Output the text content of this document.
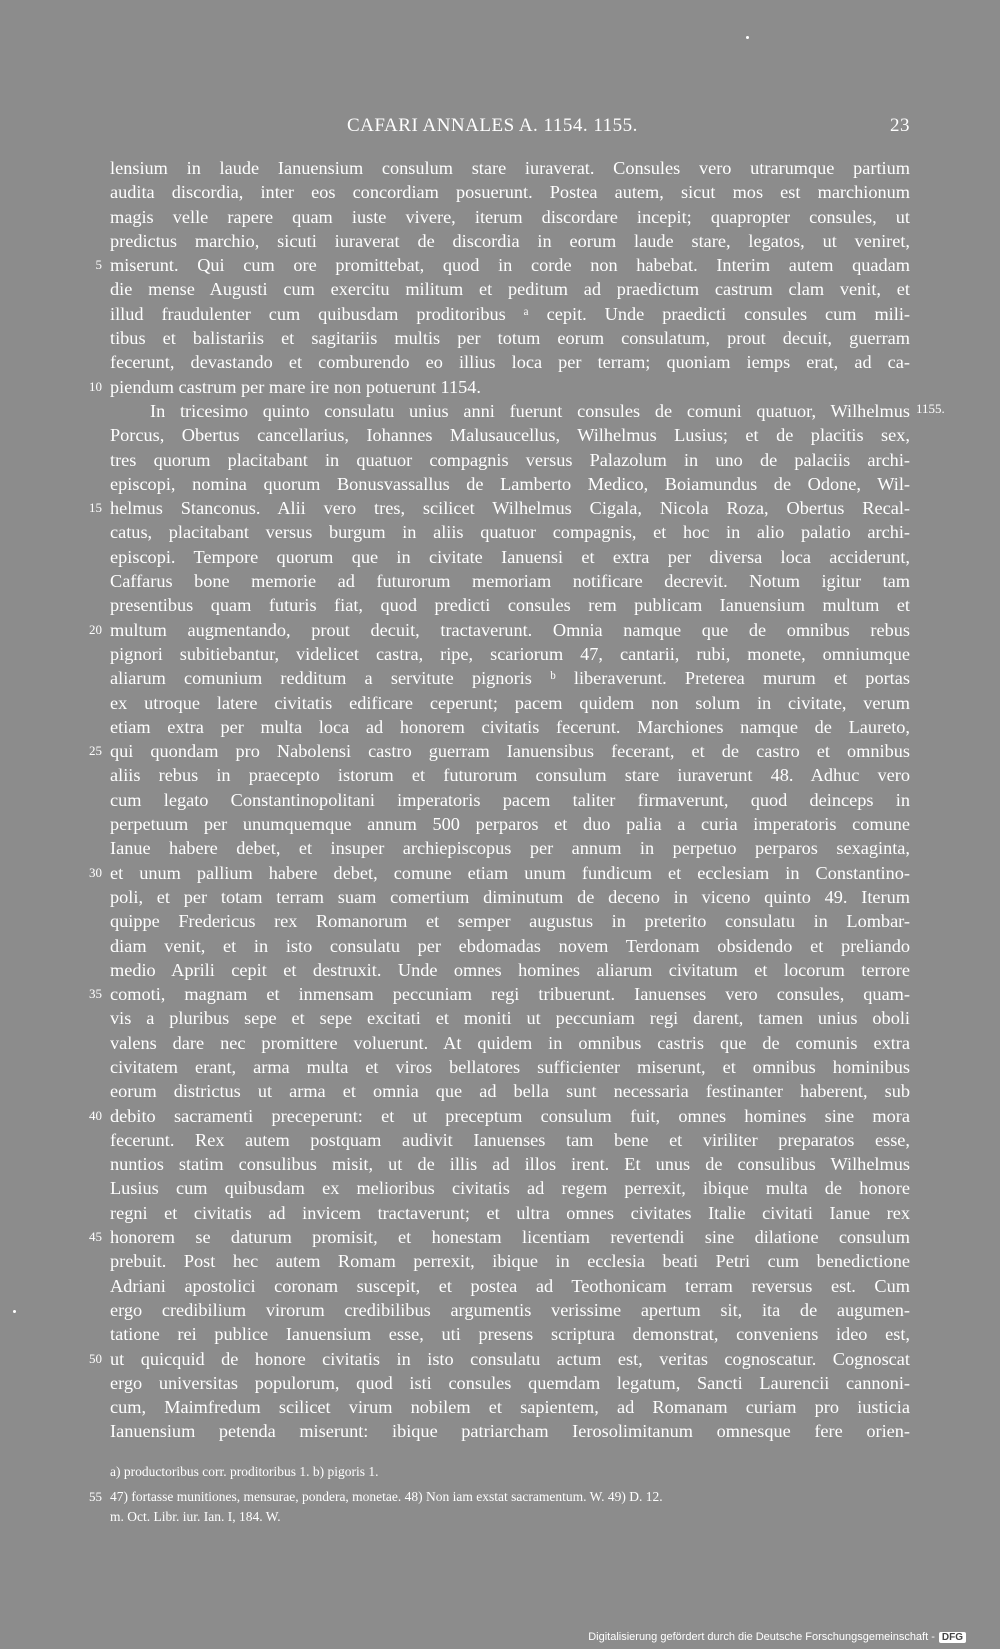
CAFARI ANNALES A. 1154. 1155.	23
lensium in laude Ianuensium consulum stare iuraverat. Consules vero utrarumque partium
audita discordia, inter eos concordiam posuerunt. Postea autem, sicut mos est marchionum
magis velle rapere quam iuste vivere, iterum discordare incepit; quapropter consules, ut
predictus marchio, sicuti iuraverat de discordia in eorum laude stare, legatos, ut veniret,
miserunt. Qui cum ore promittebat, quod in corde non habebat. Interim autem quadam
5
die mense Augusti cum exercitu militum et peditum ad praedictum castrum clam venit, et
illud fraudulenter cum quibusdam proditoribus ᵃ cepit. Unde praedicti consules cum mili-
tibus et balistariis et sagitariis multis per totum eorum consulatum, prout decuit, guerram
fecerunt, devastando et comburendo eo illius loca per terram; quoniam iemps erat, ad ca-
piendum castrum per mare ire non potuerunt 1154.
10
In tricesimo quinto consulatu unius anni fuerunt consules de comuni quatuor, Wilhelmus 1155.
Porcus, Obertus cancellarius, Iohannes Malusaucellus, Wilhelmus Lusius; et de placitis sex,
tres quorum placitabant in quatuor compagnis versus Palazolum in uno de palaciis archi-
episcopi, nomina quorum Bonusvassallus de Lamberto Medico, Boiamundus de Odone, Wil-
helmus Stanconus. Alii vero tres, scilicet Wilhelmus Cigala, Nicola Roza, Obertus Recal-
15
catus, placitabant versus burgum in aliis quatuor compagnis, et hoc in alio palatio archi-
episcopi. Tempore quorum que in civitate Ianuensi et extra per diversa loca acciderunt,
Caffarus bone memorie ad futurorum memoriam notificare decrevit. Notum igitur tam
presentibus quam futuris fiat, quod predicti consules rem publicam Ianuensium multum et
multum augmentando, prout decuit, tractaverunt. Omnia namque que de omnibus rebus
20
pignori subitiebantur, videlicet castra, ripe, scariorum 47, cantarii, rubi, monete, omniumque
aliarum comunium redditum a servitute pignoris ᵇ liberaverunt. Preterea murum et portas
ex utroque latere civitatis edificare ceperunt; pacem quidem non solum in civitate, verum
etiam extra per multa loca ad honorem civitatis fecerunt. Marchiones namque de Laureto,
qui quondam pro Nabolensi castro guerram Ianuensibus fecerant, et de castro et omnibus
25
aliis rebus in praecepto istorum et futurorum consulum stare iuraverunt 48. Adhuc vero
cum legato Constantinopolitani imperatoris pacem taliter firmaverunt, quod deinceps in
perpetuum per unumquemque annum 500 perparos et duo palia a curia imperatoris comune
Ianue habere debet, et insuper archiepiscopus per annum in perpetuo perparos sexaginta,
et unum pallium habere debet, comune etiam unum fundicum et ecclesiam in Constantino-
30
poli, et per totam terram suam comertium diminutum de deceno in viceno quinto 49. Iterum
quippe Fredericus rex Romanorum et semper augustus in preterito consulatu in Lombar-
diam venit, et in isto consulatu per ebdomadas novem Terdonam obsidendo et preliando
medio Aprili cepit et destruxit. Unde omnes homines aliarum civitatum et locorum terrore
comoti, magnam et inmensam peccuniam regi tribuerunt. Ianuenses vero consules, quam-
35
vis a pluribus sepe et sepe excitati et moniti ut peccuniam regi darent, tamen unius oboli
valens dare nec promittere voluerunt. At quidem in omnibus castris que de comunis extra
civitatem erant, arma multa et viros bellatores sufficienter miserunt, et omnibus hominibus
eorum districtus ut arma et omnia que ad bella sunt necessaria festinanter haberent, sub
debito sacramenti preceperunt: et ut preceptum consulum fuit, omnes homines sine mora
40
fecerunt. Rex autem postquam audivit Ianuenses tam bene et viriliter preparatos esse,
nuntios statim consulibus misit, ut de illis ad illos irent. Et unus de consulibus Wilhelmus
Lusius cum quibusdam ex melioribus civitatis ad regem perrexit, ibique multa de honore
regni et civitatis ad invicem tractaverunt; et ultra omnes civitates Italie civitati Ianue rex
honorem se daturum promisit, et honestam licentiam revertendi sine dilatione consulum
45
prebuit. Post hec autem Romam perrexit, ibique in ecclesia beati Petri cum benedictione
Adriani apostolici coronam suscepit, et postea ad Teothonicam terram reversus est. Cum
ergo credibilium virorum credibilibus argumentis verissime apertum sit, ita de augumen-
tatione rei publice Ianuensium esse, uti presens scriptura demonstrat, conveniens ideo est,
ut quicquid de honore civitatis in isto consulatu actum est, veritas cognoscatur. Cognoscat
50
ergo universitas populorum, quod isti consules quemdam legatum, Sancti Laurencii cannoni-
cum, Maimfredum scilicet virum nobilem et sapientem, ad Romanam curiam pro iusticia
Ianuensium petenda miserunt: ibique patriarcham Ierosolimitanum omnesque fere orien-
a) productoribus corr. proditoribus 1. b) pigoris 1.
55 47) fortasse munitiones, mensurae, pondera, monetae. 48) Non iam exstat sacramentum. W. 49) D. 12.
m. Oct. Libr. iur. Ian. I, 184. W.
Digitalisierung gefördert durch die Deutsche Forschungsgemeinschaft - DFG
